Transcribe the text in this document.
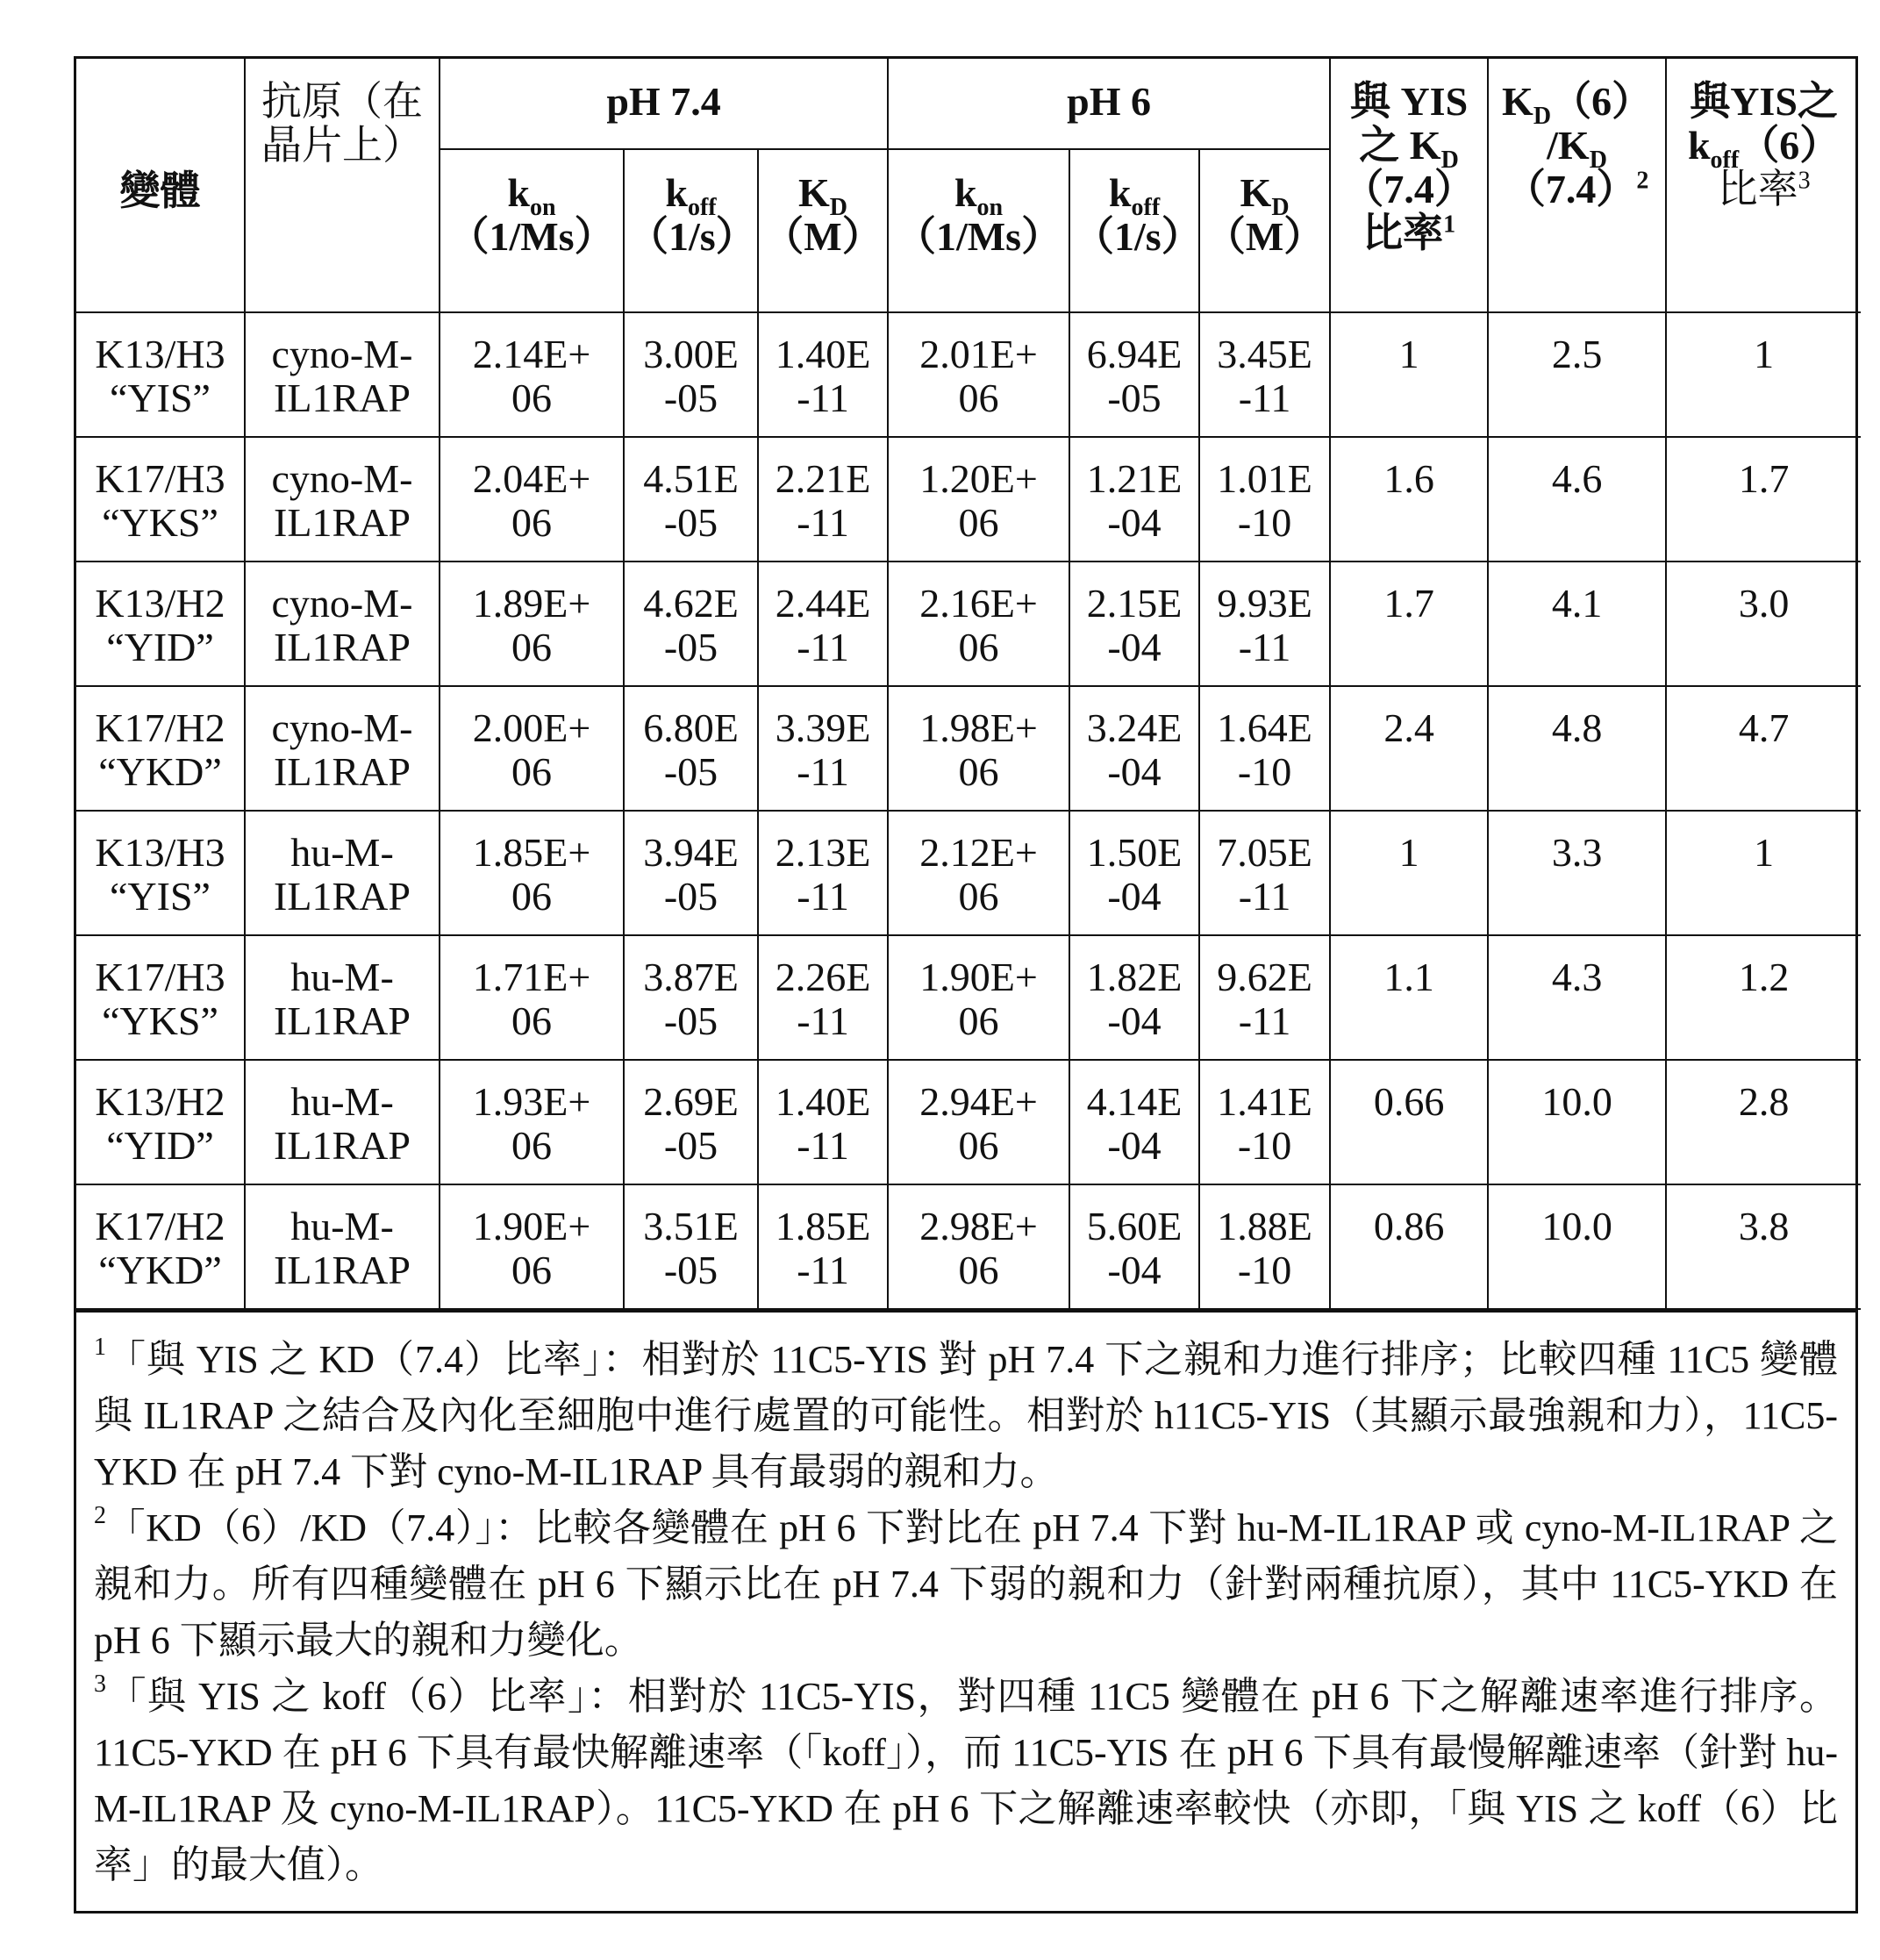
變體	抗原（在晶片上）	pH 7.4			pH 6			與 YIS
之 $K_D$
（7.4）
比率$^1$	$K_D(6)$
$/K_D$
$(7.4)^2$	與YIS之
$k_{off}(6)$
比率$^3$

		$k_{on}$
（1/Ms）	$k_{off}$
（1/s）	$K_D$
（M）	$k_{on}$
（1/Ms）	$k_{off}$
（1/s）	$K_D$
（M）			

K13/H3
“YIS”	cyno-M-
IL1RAP	2.14E+
06	3.00E
-05	1.40E
-11	2.01E+
06	6.94E
-05	3.45E
-11	1	2.5	1

K17/H3
“YKS”	cyno-M-
IL1RAP	2.04E+
06	4.51E
-05	2.21E
-11	1.20E+
06	1.21E
-04	1.01E
-10	1.6	4.6	1.7

K13/H2
“YID”	cyno-M-
IL1RAP	1.89E+
06	4.62E
-05	2.44E
-11	2.16E+
06	2.15E
-04	9.93E
-11	1.7	4.1	3.0

K17/H2
“YKD”	cyno-M-
IL1RAP	2.00E+
06	6.80E
-05	3.39E
-11	1.98E+
06	3.24E
-04	1.64E
-10	2.4	4.8	4.7

K13/H3
“YIS”	hu-M-
IL1RAP	1.85E+
06	3.94E
-05	2.13E
-11	2.12E+
06	1.50E
-04	7.05E
-11	1	3.3	1

K17/H3
“YKS”	hu-M-
IL1RAP	1.71E+
06	3.87E
-05	2.26E
-11	1.90E+
06	1.82E
-04	9.62E
-11	1.1	4.3	1.2

K13/H2
“YID”	hu-M-
IL1RAP	1.93E+
06	2.69E
-05	1.40E
-11	2.94E+
06	4.14E
-04	1.41E
-10	0.66	10.0	2.8

K17/H2
“YKD”	hu-M-
IL1RAP	1.90E+
06	3.51E
-05	1.85E
-11	2.98E+
06	5.60E
-04	1.88E
-10	0.86	10.0	3.8
$^1$「與 YIS 之 KD（7.4）比率」：相對於 11C5-YIS 對 pH 7.4 下之親和力進行排序；比較四種 11C5 變體與 IL1RAP 之結合及內化至細胞中進行處置的可能性。相對於 h11C5-YIS（其顯示最強親和力），11C5-YKD 在 pH 7.4 下對 cyno-M-IL1RAP 具有最弱的親和力。
$^2$「KD（6）/KD（7.4）」：比較各變體在 pH 6 下對比在 pH 7.4 下對 hu-M-IL1RAP 或 cyno-M-IL1RAP 之親和力。所有四種變體在 pH 6 下顯示比在 pH 7.4 下弱的親和力（針對兩種抗原），其中 11C5-YKD 在 pH 6 下顯示最大的親和力變化。
$^3$「與 YIS 之 koff（6）比率」：相對於 11C5-YIS，對四種 11C5 變體在 pH 6 下之解離速率進行排序。11C5-YKD 在 pH 6 下具有最快解離速率（「koff」），而 11C5-YIS 在 pH 6 下具有最慢解離速率（針對 hu-M-IL1RAP 及 cyno-M-IL1RAP）。11C5-YKD 在 pH 6 下之解離速率較快（亦即，「與 YIS 之 koff（6）比率」的最大值）。
